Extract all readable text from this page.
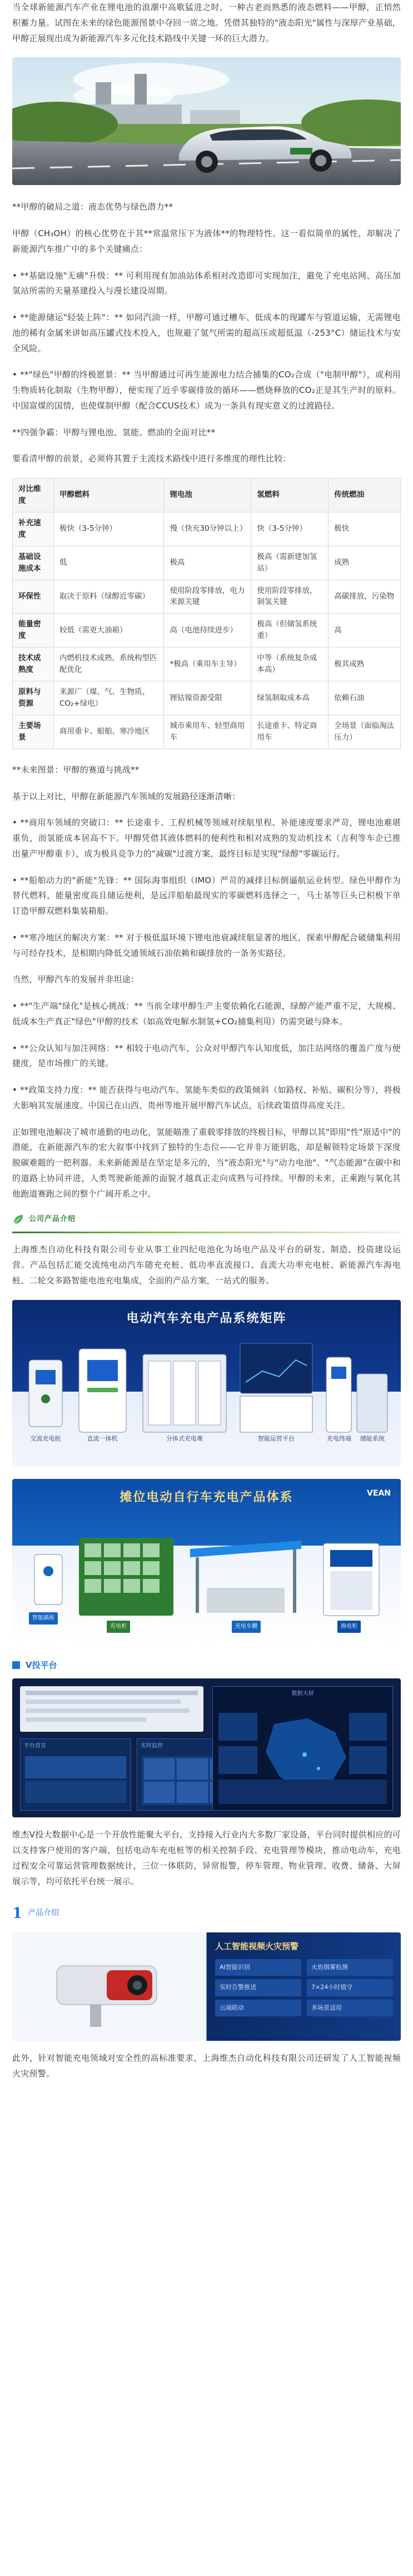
当全球新能源汽车产业在锂电池的浪潮中高歌猛进之时，一种古老而熟悉的液态燃料——甲醇，正悄然积蓄力量。试图在未来的绿色能源图景中夺回一席之地。凭借其独特的"液态阳光"属性与深厚产业基础，甲醇正展现出成为新能源汽车多元化技术路线中关键一环的巨大潜力。

**甲醇的破局之道：液态优势与绿色潜力**

甲醇（CH₃OH）的核心优势在于其**常温常压下为液体**的物理特性。这一看似简单的属性，却解决了新能源汽车推广中的多个关键痛点：

• **基础设施"无痛"升级：** 可利用现有加油站体系相对改造即可实现加注，避免了充电站网、高压加氢站所需的天量基建投入与漫长建设周期。

• **能源储运"轻装上阵"：** 如同汽油一样，甲醇可通过槽车、低成本的现罐车与管道运输，无需锂电池的稀有金属来讲如高压罐式技术投入，也规避了氢气所需的超高压或超低温（-253°C）储运技术与安全风险。

• **"绿色"甲醇的终极愿景：** 当甲醇通过可再生能源电力结合捕集的CO₂合成（"电制甲醇"），或利用生物质转化制取（生物甲醇），便实现了近乎零碳排放的循环——燃烧释放的CO₂正是其生产时的原料。中国富煤的国情，也使煤制甲醇（配合CCUS技术）成为一条具有现实意义的过渡路径。

**四强争霸：甲醇与锂电池、氢能、燃油的全面对比**

要看清甲醇的前景，必须将其置于主流技术路线中进行多维度的理性比较：

对比维度	甲醇燃料	锂电池	氢燃料	传统燃油
补充速度	极快（3-5分钟）	慢（快充30分钟以上）	快（3-5分钟）	极快
基础设施成本	低	极高	极高（需新建加氢站）	成熟
环保性	取决于原料（绿醇近零碳）	使用阶段零排放，电力来源关键	使用阶段零排放，制氢关键	高碳排放，污染物
能量密度	较低（需更大油箱）	高（电池持续进步）	极高（但储氢系统重）	高
技术成熟度	内燃机技术成熟，系统构型匹配优化	*极高（乘用车主导）	中等（系统复杂成本高）	极其成熟
原料与资源	来源广（煤、气、生物质、CO₂+绿电）	锂钴镍资源受限	绿氢制取成本高	依赖石油
主要场景	商用重卡、船舶、寒冷地区	城市乘用车、轻型商用车	长途重卡、特定商用车	全场景（面临淘汰压力）

**未来图景：甲醇的赛道与挑战**

基于以上对比，甲醇在新能源汽车领域的发展路径逐渐清晰：

• **商用车领域的突破口：** 长途重卡、工程机械等领域对续航里程、补能速度要求严苛，锂电池难堪重负，而氢能成本居高不下。甲醇凭借其液体燃料的便利性和相对成熟的发动机技术（吉利等车企已推出量产甲醇重卡），成为极具竞争力的"减碳"过渡方案，最终目标是实现"绿醇"零碳运行。

• **船舶动力的"新能"先锋：** 国际海事组织（IMO）严苛的减排目标倒逼航运业转型。绿色甲醇作为替代燃料，能量密度高且储运便利，是远洋船舶最现实的零碳燃料选择之一，马士基等巨头已积极下单订造甲醇双燃料集装箱船。

• **寒冷地区的解决方案：** 对于极低温环境下锂电池衰减续航显著的地区，探索甲醇配合破储集利用与可经存技术，是相期内降低交通领域石油依赖和碳排放的一条务实路径。

当然，甲醇汽车的发展并非坦途：

• **"生产端"绿化"是核心挑战：** 当前全球甲醇生产主要依赖化石能源，绿醇产能严重不足，大规模、低成本生产真正"绿色"甲醇的技术（如高效电解水制氢+CO₂捕集利用）仍需突破与降本。

• **公众认知与加注网络：** 相较于电动汽车，公众对甲醇汽车认知度低，加注站网络的覆盖广度与便捷度，是市场推广的关键。

• **政策支持力度：** 能否获得与电动汽车、氢能车类似的政策倾斜（如路权、补贴、碳积分等），将极大影响其发展速度。中国已在山西、贵州等地开展甲醇汽车试点，后续政策值得高度关注。

正如锂电池解决了城市通勤的电动化，氢能瞄准了重载零排放的终极目标，甲醇以其"即用"性"原适中"的潜能，在新能源汽车的宏大叙事中找到了独特的生态位——它并非万能钥匙，却是解锁特定场景下深度脱碳难题的一把利器。未来新能源是在坚定是多元的，当"液态阳光"与"动力电池"、"气态能源"在碳中和的道路上协同并进，人类驾驶新能源的面貌才越真正走向成熟与可持续。甲醇的未来，正乘跑与氧化其他跑道赛跑之间的整个广阔开系之中。

公司产品介绍

上海维杰自动化科技有限公司专业从事工业四纪电池化为场电产品及平台的研发、制造、投资建设运营。产品包括汇能交流纯电动汽车随充充桩、低功率直流接口、直流大功率充电桩、新能源汽车海电桩、二轮交多路智能电池充电集成，全面的产品方案，一站式的服务。

电动汽车充电产品系统矩阵
交流充电桩	直流一体机	分体式充电堆	智能运营平台	充电终端 储能系统
摊位电动自行车充电产品体系	VEAN
智能插座
充电柜	充电车棚	换电柜
V投平台
平台首页	实时监控
数据大屏

维杰V投大数据中心是一个开放性能聚大平台，支持接入行业内大多数厂家设备，平台同时提供相应的可以支持客户使用的客户端，包括电动车充电桩等的相关控制手段、充电管理等模块，推动电动车，充电过程安全可靠运营管理数据统计，三位一体联防，异常报警，停车管理、物业管理、收费、储备、大屏展示等，均可依托平台统一展示。

1 产品介绍
人工智能视频火灾预警
AI智能识别	火焰烟雾检测
实时告警推送	7×24小时值守
云端联动	多场景适用

此外，针对智能充电领域对安全性的高标准要求，上海维杰自动化科技有限公司还研发了人工智能视频火灾预警。
